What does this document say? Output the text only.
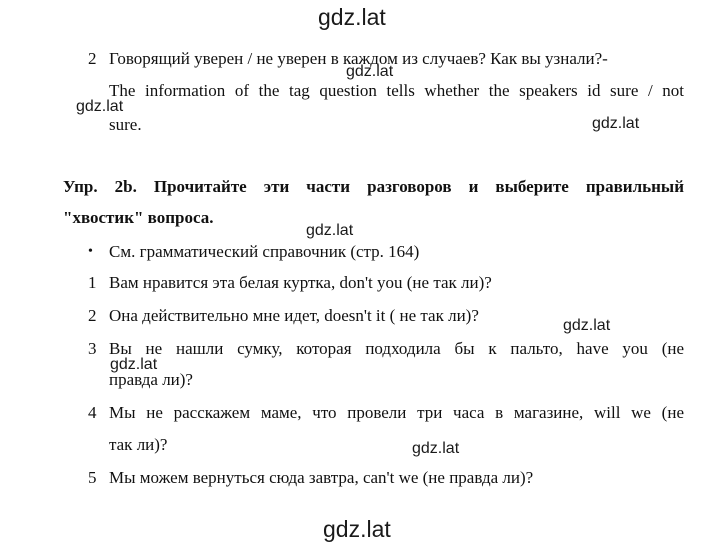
gdz.lat
gdz.lat
gdz.lat
gdz.lat
gdz.lat
gdz.lat
gdz.lat
gdz.lat
gdz.lat
2 Говорящий уверен / не уверен в каждом из случаев? Как вы узнали?-
The information of the tag question tells whether the speakers id sure / not
sure.
Упр. 2b. Прочитайте эти части разговоров и выберите правильный
"хвостик" вопроса.
• См. грамматический справочник (стр. 164)
1 Вам нравится эта белая куртка, don't you (не так ли)?
2 Она действительно мне идет, doesn't it ( не так ли)?
3 Вы не нашли сумку, которая подходила бы к пальто, have you (не
правда ли)?
4 Мы не расскажем маме, что провели три часа в магазине, will we (не
так ли)?
5 Мы можем вернуться сюда завтра, can't we (не правда ли)?
